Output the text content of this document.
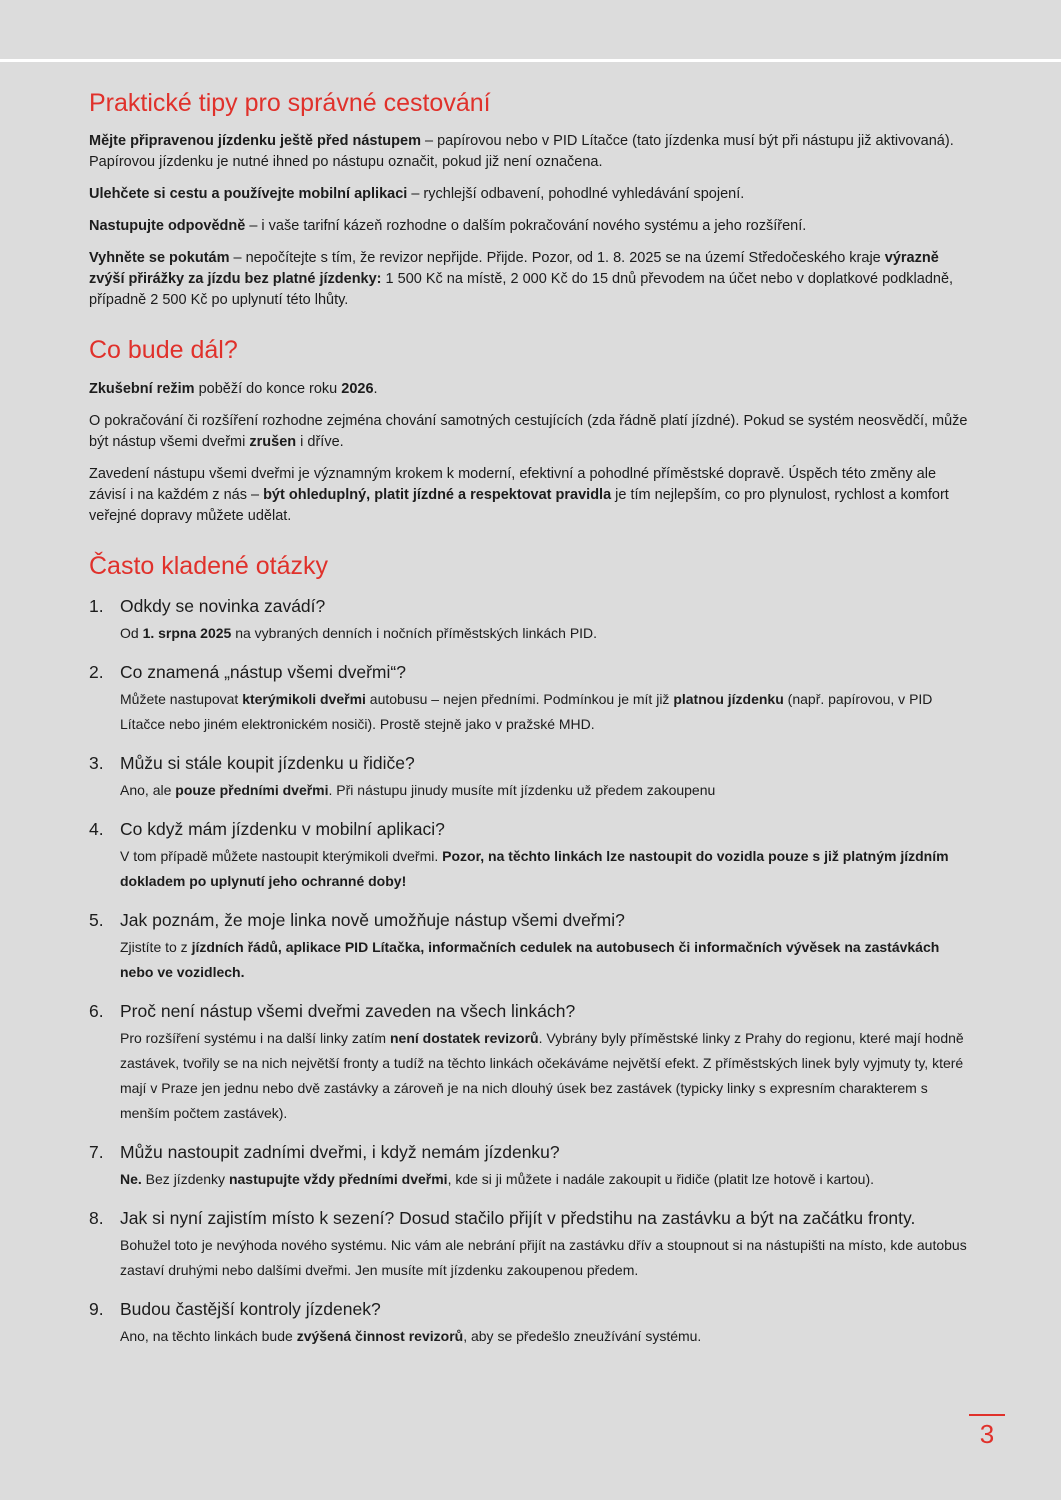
Praktické tipy pro správné cestování

Mějte připravenou jízdenku ještě před nástupem – papírovou nebo v PID Lítačce (tato jízdenka musí být při nástupu již aktivovaná). Papírovou jízdenku je nutné ihned po nástupu označit, pokud již není označena.

Ulehčete si cestu a používejte mobilní aplikaci – rychlejší odbavení, pohodlné vyhledávání spojení.

Nastupujte odpovědně – i vaše tarifní kázeň rozhodne o dalším pokračování nového systému a jeho rozšíření.

Vyhněte se pokutám – nepočítejte s tím, že revizor nepřijde. Přijde. Pozor, od 1. 8. 2025 se na území Středočeského kraje výrazně zvýší přirážky za jízdu bez platné jízdenky: 1 500 Kč na místě, 2 000 Kč do 15 dnů převodem na účet nebo v doplatkové podkladně, případně 2 500 Kč po uplynutí této lhůty.

Co bude dál?

Zkušební režim poběží do konce roku 2026.

O pokračování či rozšíření rozhodne zejména chování samotných cestujících (zda řádně platí jízdné). Pokud se systém neosvědčí, může být nástup všemi dveřmi zrušen i dříve.

Zavedení nástupu všemi dveřmi je významným krokem k moderní, efektivní a pohodlné příměstské dopravě. Úspěch této změny ale závisí i na každém z nás – být ohleduplný, platit jízdné a respektovat pravidla je tím nejlepším, co pro plynulost, rychlost a komfort veřejné dopravy můžete udělat.

Často kladené otázky
1. Odkdy se novinka zavádí?

Od 1. srpna 2025 na vybraných denních i nočních příměstských linkách PID.

2. Co znamená „nástup všemi dveřmi“?

Můžete nastupovat kterýmikoli dveřmi autobusu – nejen předními. Podmínkou je mít již platnou jízdenku (např. papírovou, v PID Lítačce nebo jiném elektronickém nosiči). Prostě stejně jako v pražské MHD.

3. Můžu si stále koupit jízdenku u řidiče?

Ano, ale pouze předními dveřmi. Při nástupu jinudy musíte mít jízdenku už předem zakoupenu

4. Co když mám jízdenku v mobilní aplikaci?

V tom případě můžete nastoupit kterýmikoli dveřmi. Pozor, na těchto linkách lze nastoupit do vozidla pouze s již platným jízdním dokladem po uplynutí jeho ochranné doby!

5. Jak poznám, že moje linka nově umožňuje nástup všemi dveřmi?

Zjistíte to z jízdních řádů, aplikace PID Lítačka, informačních cedulek na autobusech či informačních vývěsek na zastávkách nebo ve vozidlech.

6. Proč není nástup všemi dveřmi zaveden na všech linkách?

Pro rozšíření systému i na další linky zatím není dostatek revizorů. Vybrány byly příměstské linky z Prahy do regionu, které mají hodně zastávek, tvořily se na nich největší fronty a tudíž na těchto linkách očekáváme největší efekt. Z příměstských linek byly vyjmuty ty, které mají v Praze jen jednu nebo dvě zastávky a zároveň je na nich dlouhý úsek bez zastávek (typicky linky s expresním charakterem s menším počtem zastávek).

7. Můžu nastoupit zadními dveřmi, i když nemám jízdenku?

Ne. Bez jízdenky nastupujte vždy předními dveřmi, kde si ji můžete i nadále zakoupit u řidiče (platit lze hotově i kartou).

8. Jak si nyní zajistím místo k sezení? Dosud stačilo přijít v předstihu na zastávku a být na začátku fronty.

Bohužel toto je nevýhoda nového systému. Nic vám ale nebrání přijít na zastávku dřív a stoupnout si na nástupišti na místo, kde autobus zastaví druhými nebo dalšími dveřmi. Jen musíte mít jízdenku zakoupenou předem.

9. Budou častější kontroly jízdenek?

Ano, na těchto linkách bude zvýšená činnost revizorů, aby se předešlo zneužívání systému.

3
